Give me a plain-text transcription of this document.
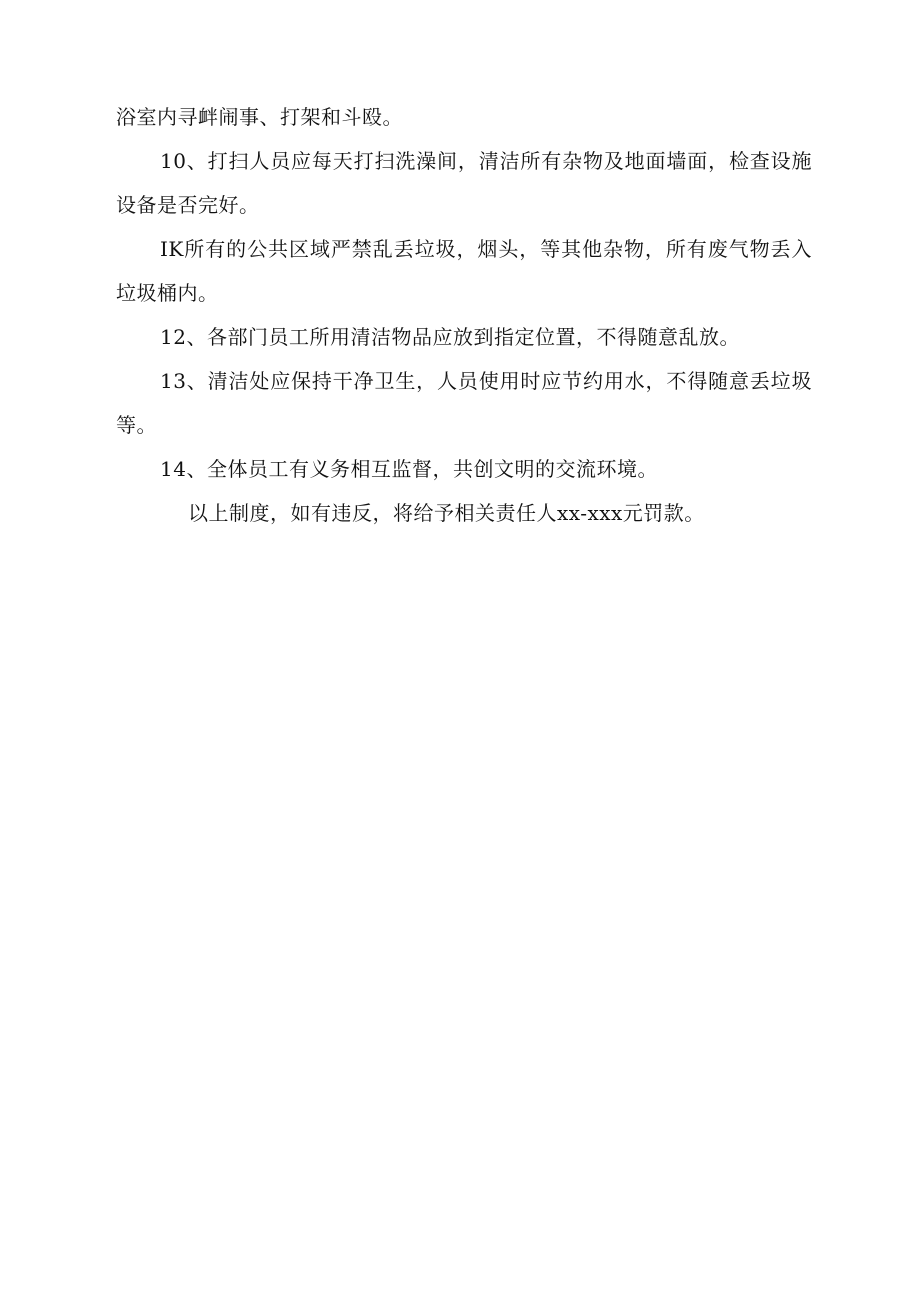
浴室内寻衅闹事、打架和斗殴。

10、打扫人员应每天打扫洗澡间，清洁所有杂物及地面墙面，检查设施设备是否完好。

IK所有的公共区域严禁乱丢垃圾，烟头，等其他杂物，所有废气物丢入垃圾桶内。

12、各部门员工所用清洁物品应放到指定位置，不得随意乱放。

13、清洁处应保持干净卫生，人员使用时应节约用水，不得随意丢垃圾等。

14、全体员工有义务相互监督，共创文明的交流环境。

以上制度，如有违反，将给予相关责任人xx-xxx元罚款。
